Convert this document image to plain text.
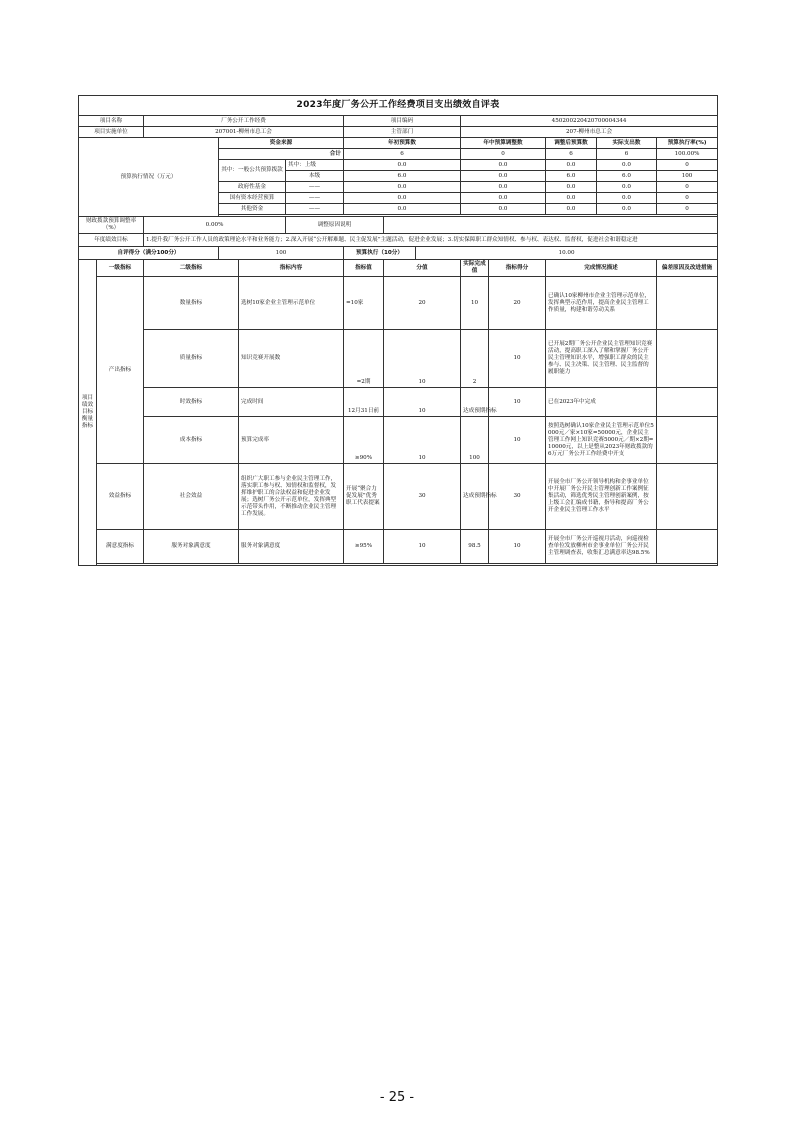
2023年度厂务公开工作经费项目支出绩效自评表													
项目名称		厂务公开工作经费				项目编码			45020022042070000434​4				
项目实施单位		207001-柳州市总工会				主管部门			207-柳州市总工会				
预算执行情况（万元）			资金来源			年初预算数			年中预算调整数		调整后预算数	实际支出数	预算执行率(%)
			合计			6			0		6	6	100.00%
			其中：一般公共预算拨款		其中：上级	0.0			0.0		0.0	0.0	0
					本级	6.0			0.0		6.0	6.0	100
			政府性基金		——	0.0			0.0		0.0	0.0	0
			国有资本经营预算		——	0.0			0.0		0.0	0.0	0
			其他资金		——	0.0			0.0		0.0	0.0	0

财政拨款预算调整率（%）		0.00%			调整原因说明								
年度绩效目标		1.提升我厂务公开工作人员的政策理论水平和业务能力；2.深入开展“公开解难题、民主促发展”主题活动，促进企业发展；3.切实保障职工群众知情权、参与权、表达权、监督权，促进社会和谐稳定进											
自评得分（满分100分）			100			预算执行（10分）		10.00					
项目绩效目标衡量指标	一级指标	二级指标		指标内容		指标值	分值		实际完成值	指标得分	完成情况描述		偏差原因及改进措施
	产出指标	数量指标		选树10家企业主管理示范单位		=10家	20		10	20	已确认10家柳州市企业主管理示范单位，发挥典型示范作用，提高企业民主管理工作质量，构建和谐劳动关系		
		质量指标		知识竞赛开展数		=2期	10		2	10	已开展2期厂务公开企业民主管理知识竞赛活动，提高职工深入了解和掌握厂务公开民主管理知识水平，增强职工群众的民主参与、民主决策、民主管理、民主监督的履职能力		
		时效指标		完成时间		12月31日前	10		达成预期指标	10	已在2023年中完成		
		成本指标		预算完成率		≥90%	10		100	10	按照选树确认10家企业民主管理示范单位5000元／家×10家=50000元，企业民主管理工作网上知识竞赛5000元／期×2期=10000元，以上是整从2023年财政拨款的6万元厂务公开工作经费中开支		
	效益指标	社会效益		组织广大职工参与企业民主管理工作，落实职工参与权、知情权和监督权，发挥维护职工的合法权益和促进企业发展；选树厂务公开示范单位，发挥典型示范带头作用，不断推动企业民主管理工作发展。		开展“聚合力 促发展”优秀职工代表提案	30		达成预期指标	30	开展全市厂务公开领导机构和企事业单位中开展厂务公开民主管理创新工作案例征集活动，筛选优秀民主管理创新案例，按上级工会汇编成书籍，指导和提高厂务公开企业民主管理工作水平		
	满意度指标	服务对象满意度		服务对象满意度		≥95%	10		98.5	10	开展全市厂务公开巡视月活动，向巡视检查单位发放柳州市企事业单位厂务公开民主管理调查表，收集汇总满意率达98.5%		

- 25 -
